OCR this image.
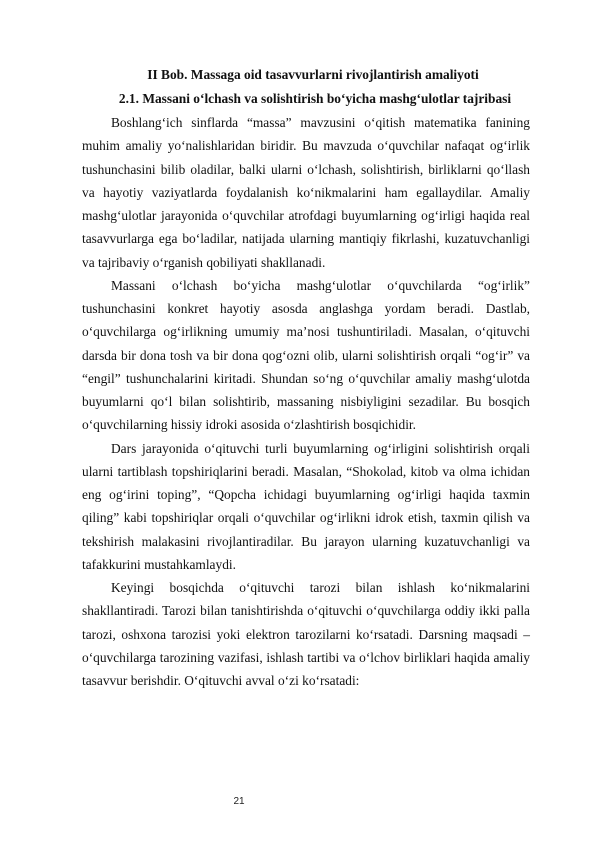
II Bob. Massaga oid tasavvurlarni rivojlantirish amaliyoti
2.1. Massani o‘lchash va solishtirish bo‘yicha mashg‘ulotlar tajribasi

Boshlang‘ich sinflarda “massa” mavzusini o‘qitish matematika fanining muhim amaliy yo‘nalishlaridan biridir. Bu mavzuda o‘quvchilar nafaqat og‘irlik tushunchasini bilib oladilar, balki ularni o‘lchash, solishtirish, birliklarni qo‘llash va hayotiy vaziyatlarda foydalanish ko‘nikmalarini ham egallaydilar. Amaliy mashg‘ulotlar jarayonida o‘quvchilar atrofdagi buyumlarning og‘irligi haqida real tasavvurlarga ega bo‘ladilar, natijada ularning mantiqiy fikrlashi, kuzatuvchanligi va tajribaviy o‘rganish qobiliyati shakllanadi.

Massani o‘lchash bo‘yicha mashg‘ulotlar o‘quvchilarda “og‘irlik” tushunchasini konkret hayotiy asosda anglashga yordam beradi. Dastlab, o‘quvchilarga og‘irlikning umumiy ma’nosi tushuntiriladi. Masalan, o‘qituvchi darsda bir dona tosh va bir dona qog‘ozni olib, ularni solishtirish orqali “og‘ir” va “engil” tushunchalarini kiritadi. Shundan so‘ng o‘quvchilar amaliy mashg‘ulotda buyumlarni qo‘l bilan solishtirib, massaning nisbiyligini sezadilar. Bu bosqich o‘quvchilarning hissiy idroki asosida o‘zlashtirish bosqichidir.

Dars jarayonida o‘qituvchi turli buyumlarning og‘irligini solishtirish orqali ularni tartiblash topshiriqlarini beradi. Masalan, “Shokolad, kitob va olma ichidan eng og‘irini toping”, “Qopcha ichidagi buyumlarning og‘irligi haqida taxmin qiling” kabi topshiriqlar orqali o‘quvchilar og‘irlikni idrok etish, taxmin qilish va tekshirish malakasini rivojlantiradilar. Bu jarayon ularning kuzatuvchanligi va tafakkurini mustahkamlaydi.

Keyingi bosqichda o‘qituvchi tarozi bilan ishlash ko‘nikmalarini shakllantiradi. Tarozi bilan tanishtirishda o‘qituvchi o‘quvchilarga oddiy ikki palla tarozi, oshxona tarozisi yoki elektron tarozilarni ko‘rsatadi. Darsning maqsadi – o‘quvchilarga tarozining vazifasi, ishlash tartibi va o‘lchov birliklari haqida amaliy tasavvur berishdir. O‘qituvchi avval o‘zi ko‘rsatadi:

21
